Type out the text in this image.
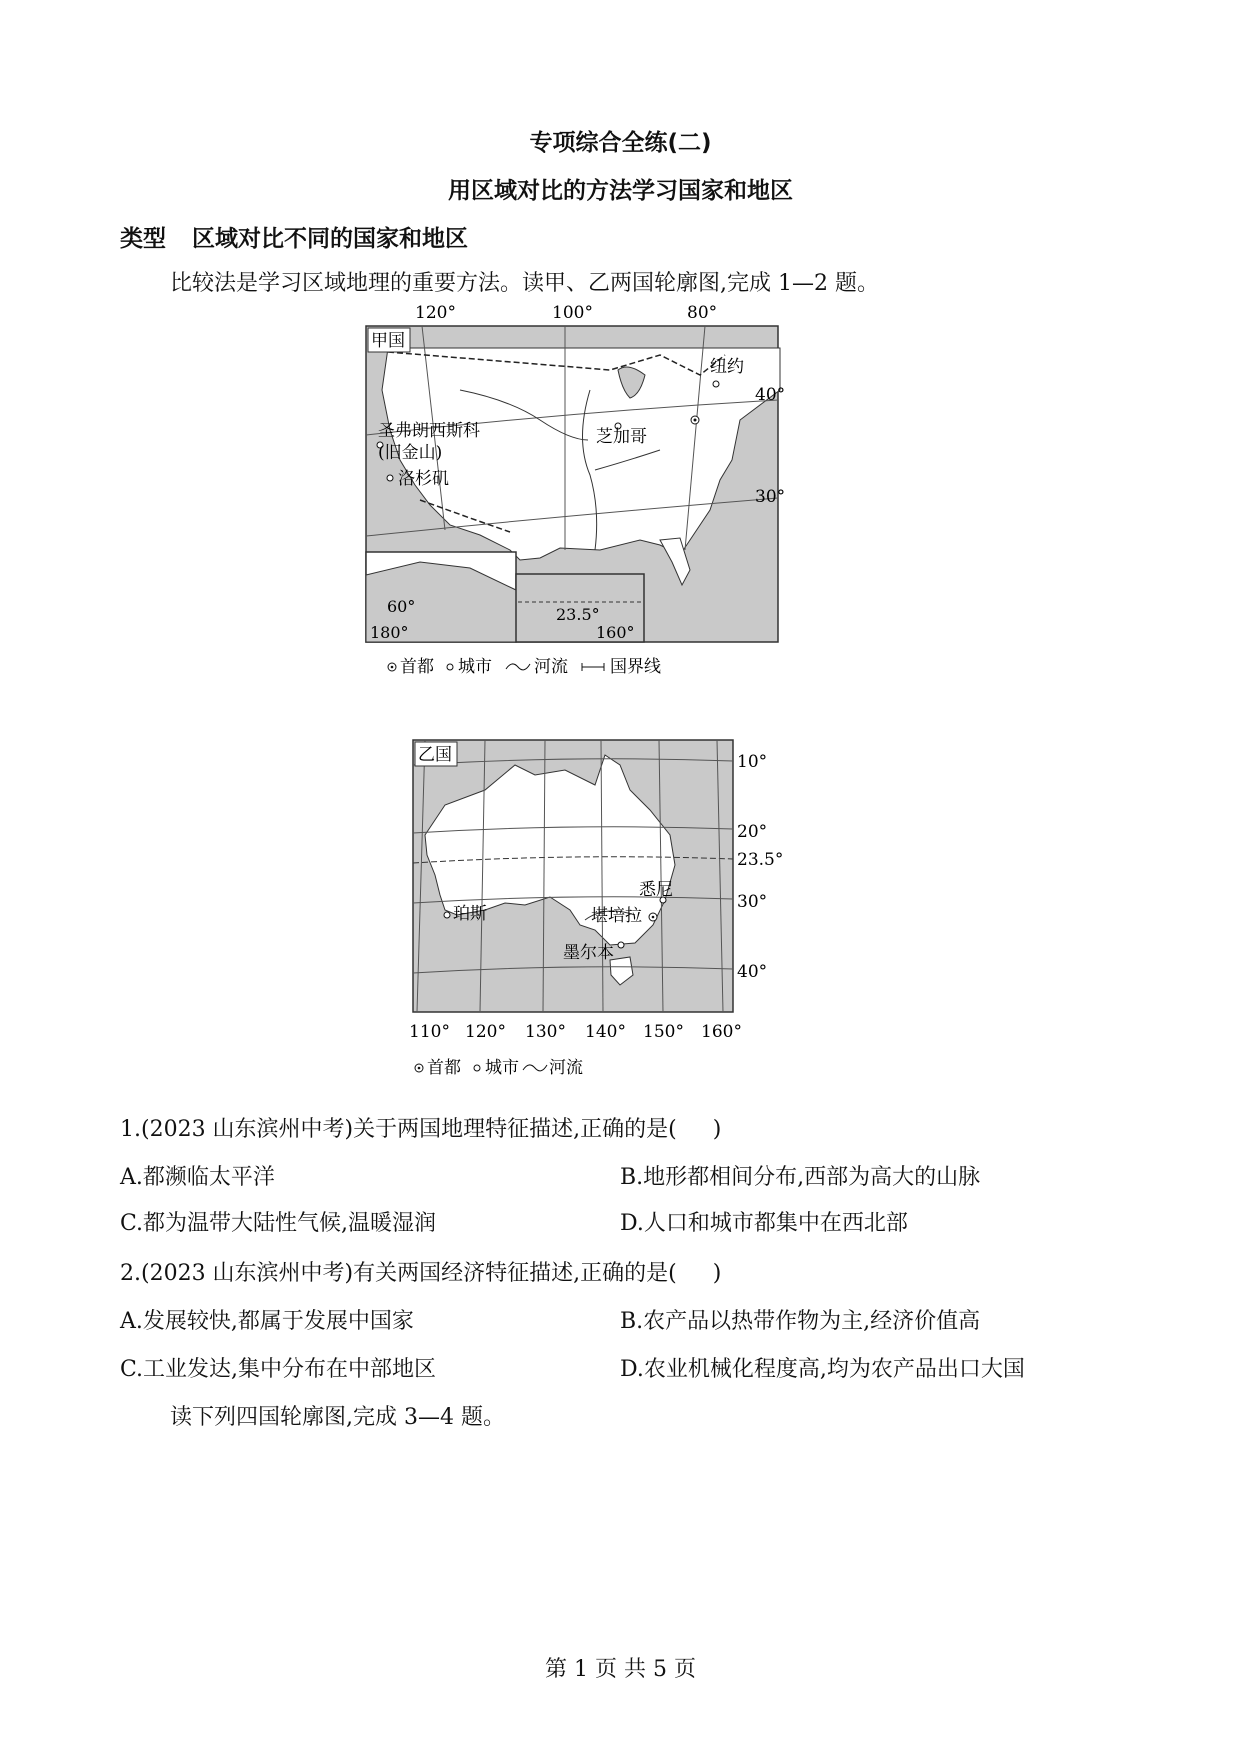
专项综合全练(二)
用区域对比的方法学习国家和地区
类型 区域对比不同的国家和地区
比较法是学习区域地理的重要方法。读甲、乙两国轮廓图,完成 1—2 题。
120°	100°	80°
甲国
40°
30°
纽约
芝加哥
圣弗朗西斯科
(旧金山)
洛杉矶
60°
180°
23.5°
160°
首都 城市 河流 国界线
乙国	10°
20°
23.5°
30°
40°
110° 120° 130° 140° 150° 160°
珀斯
悉尼
堪培拉
墨尔本
首都 城市 河流
1.(2023 山东滨州中考)关于两国地理特征描述,正确的是( )
A.都濒临太平洋	B.地形都相间分布,西部为高大的山脉
C.都为温带大陆性气候,温暖湿润	D.人口和城市都集中在西北部
2.(2023 山东滨州中考)有关两国经济特征描述,正确的是( )
A.发展较快,都属于发展中国家	B.农产品以热带作物为主,经济价值高
C.工业发达,集中分布在中部地区	D.农业机械化程度高,均为农产品出口大国
读下列四国轮廓图,完成 3—4 题。
第 1 页 共 5 页
